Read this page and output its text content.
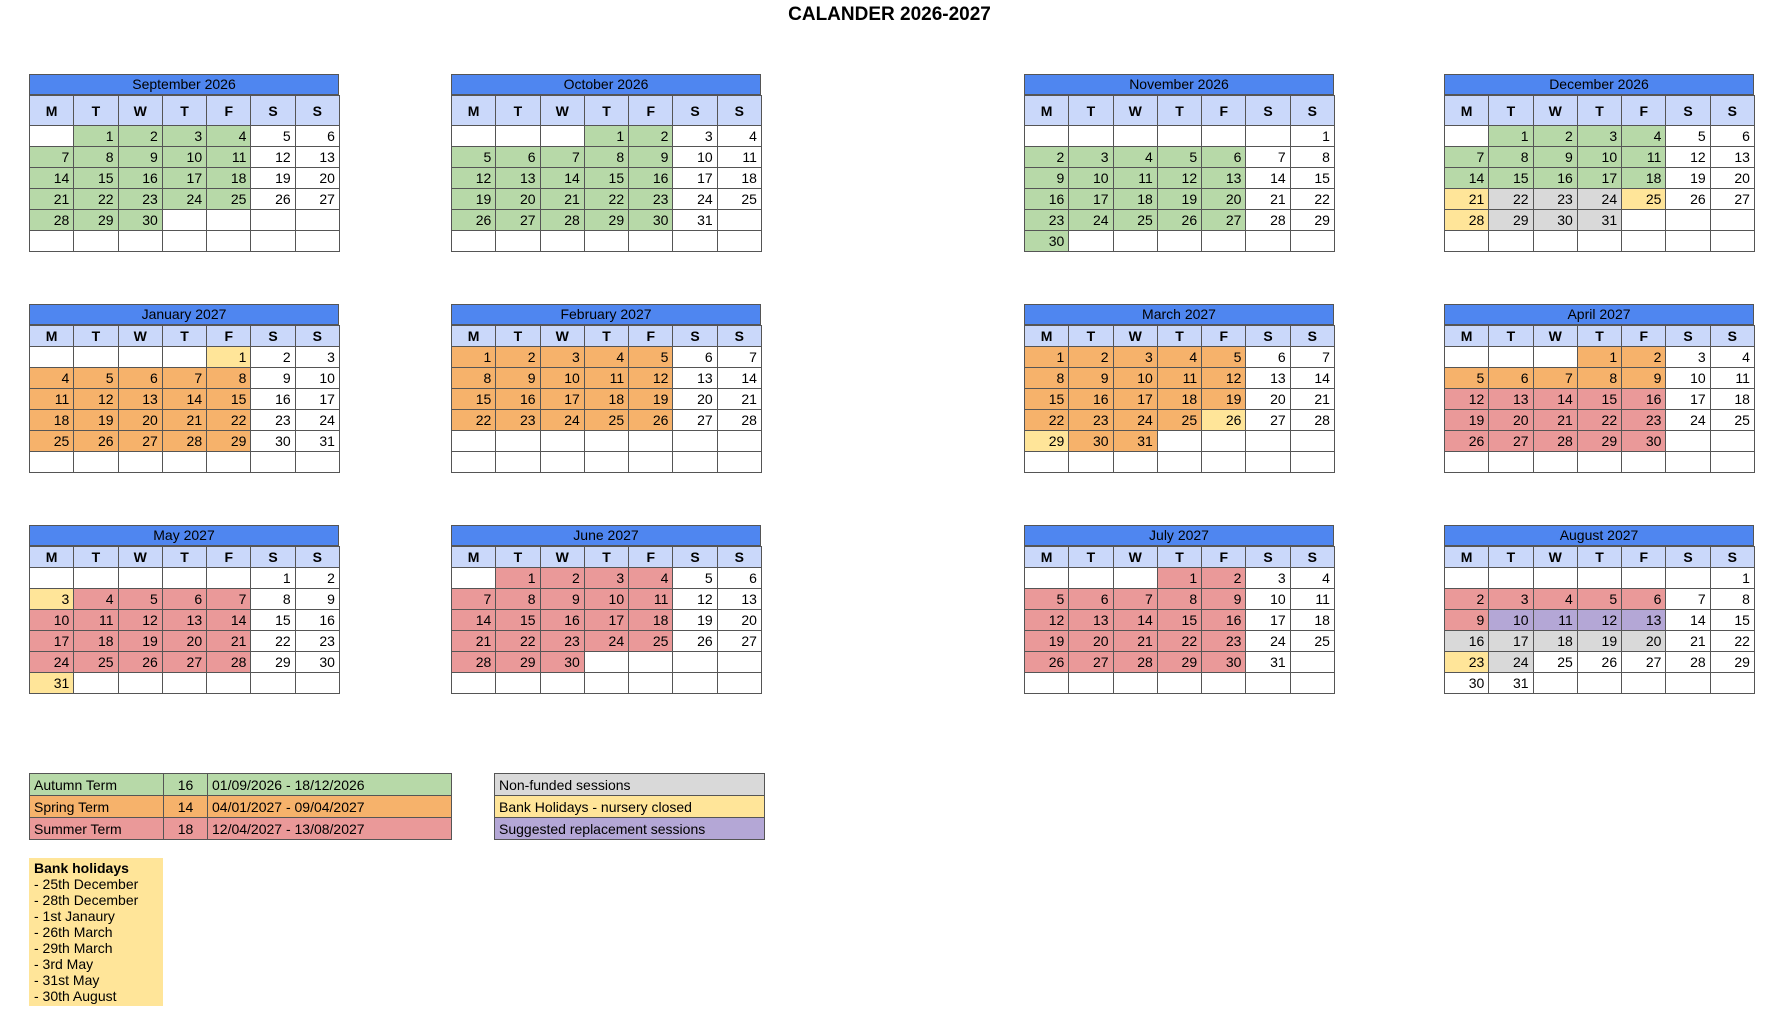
CALANDER 2026-2027
September 2026
M	T	W	T	F	S	S
	1	2	3	4	5	6
7	8	9	10	11	12	13
14	15	16	17	18	19	20
21	22	23	24	25	26	27
28	29	30				

October 2026
M	T	W	T	F	S	S
			1	2	3	4
5	6	7	8	9	10	11
12	13	14	15	16	17	18
19	20	21	22	23	24	25
26	27	28	29	30	31	

November 2026
M	T	W	T	F	S	S
						1
2	3	4	5	6	7	8
9	10	11	12	13	14	15
16	17	18	19	20	21	22
23	24	25	26	27	28	29
30						
December 2026
M	T	W	T	F	S	S
	1	2	3	4	5	6
7	8	9	10	11	12	13
14	15	16	17	18	19	20
21	22	23	24	25	26	27
28	29	30	31			

January 2027
M	T	W	T	F	S	S
				1	2	3
4	5	6	7	8	9	10
11	12	13	14	15	16	17
18	19	20	21	22	23	24
25	26	27	28	29	30	31

February 2027
M	T	W	T	F	S	S
1	2	3	4	5	6	7
8	9	10	11	12	13	14
15	16	17	18	19	20	21
22	23	24	25	26	27	28

March 2027
M	T	W	T	F	S	S
1	2	3	4	5	6	7
8	9	10	11	12	13	14
15	16	17	18	19	20	21
22	23	24	25	26	27	28
29	30	31				

April 2027
M	T	W	T	F	S	S
			1	2	3	4
5	6	7	8	9	10	11
12	13	14	15	16	17	18
19	20	21	22	23	24	25
26	27	28	29	30		

May 2027
M	T	W	T	F	S	S
					1	2
3	4	5	6	7	8	9
10	11	12	13	14	15	16
17	18	19	20	21	22	23
24	25	26	27	28	29	30
31						
June 2027
M	T	W	T	F	S	S
	1	2	3	4	5	6
7	8	9	10	11	12	13
14	15	16	17	18	19	20
21	22	23	24	25	26	27
28	29	30				

July 2027
M	T	W	T	F	S	S
			1	2	3	4
5	6	7	8	9	10	11
12	13	14	15	16	17	18
19	20	21	22	23	24	25
26	27	28	29	30	31	

August 2027
M	T	W	T	F	S	S
						1
2	3	4	5	6	7	8
9	10	11	12	13	14	15
16	17	18	19	20	21	22
23	24	25	26	27	28	29
30	31					
Autumn Term	16	01/09/2026 - 18/12/2026
Spring Term	14	04/01/2027 - 09/04/2027
Summer Term	18	12/04/2027 - 13/08/2027
Non-funded sessions
Bank Holidays - nursery closed
Suggested replacement sessions
Bank holidays
- 25th December
- 28th December
- 1st Janaury
- 26th March
- 29th March
- 3rd May
- 31st May
- 30th August
